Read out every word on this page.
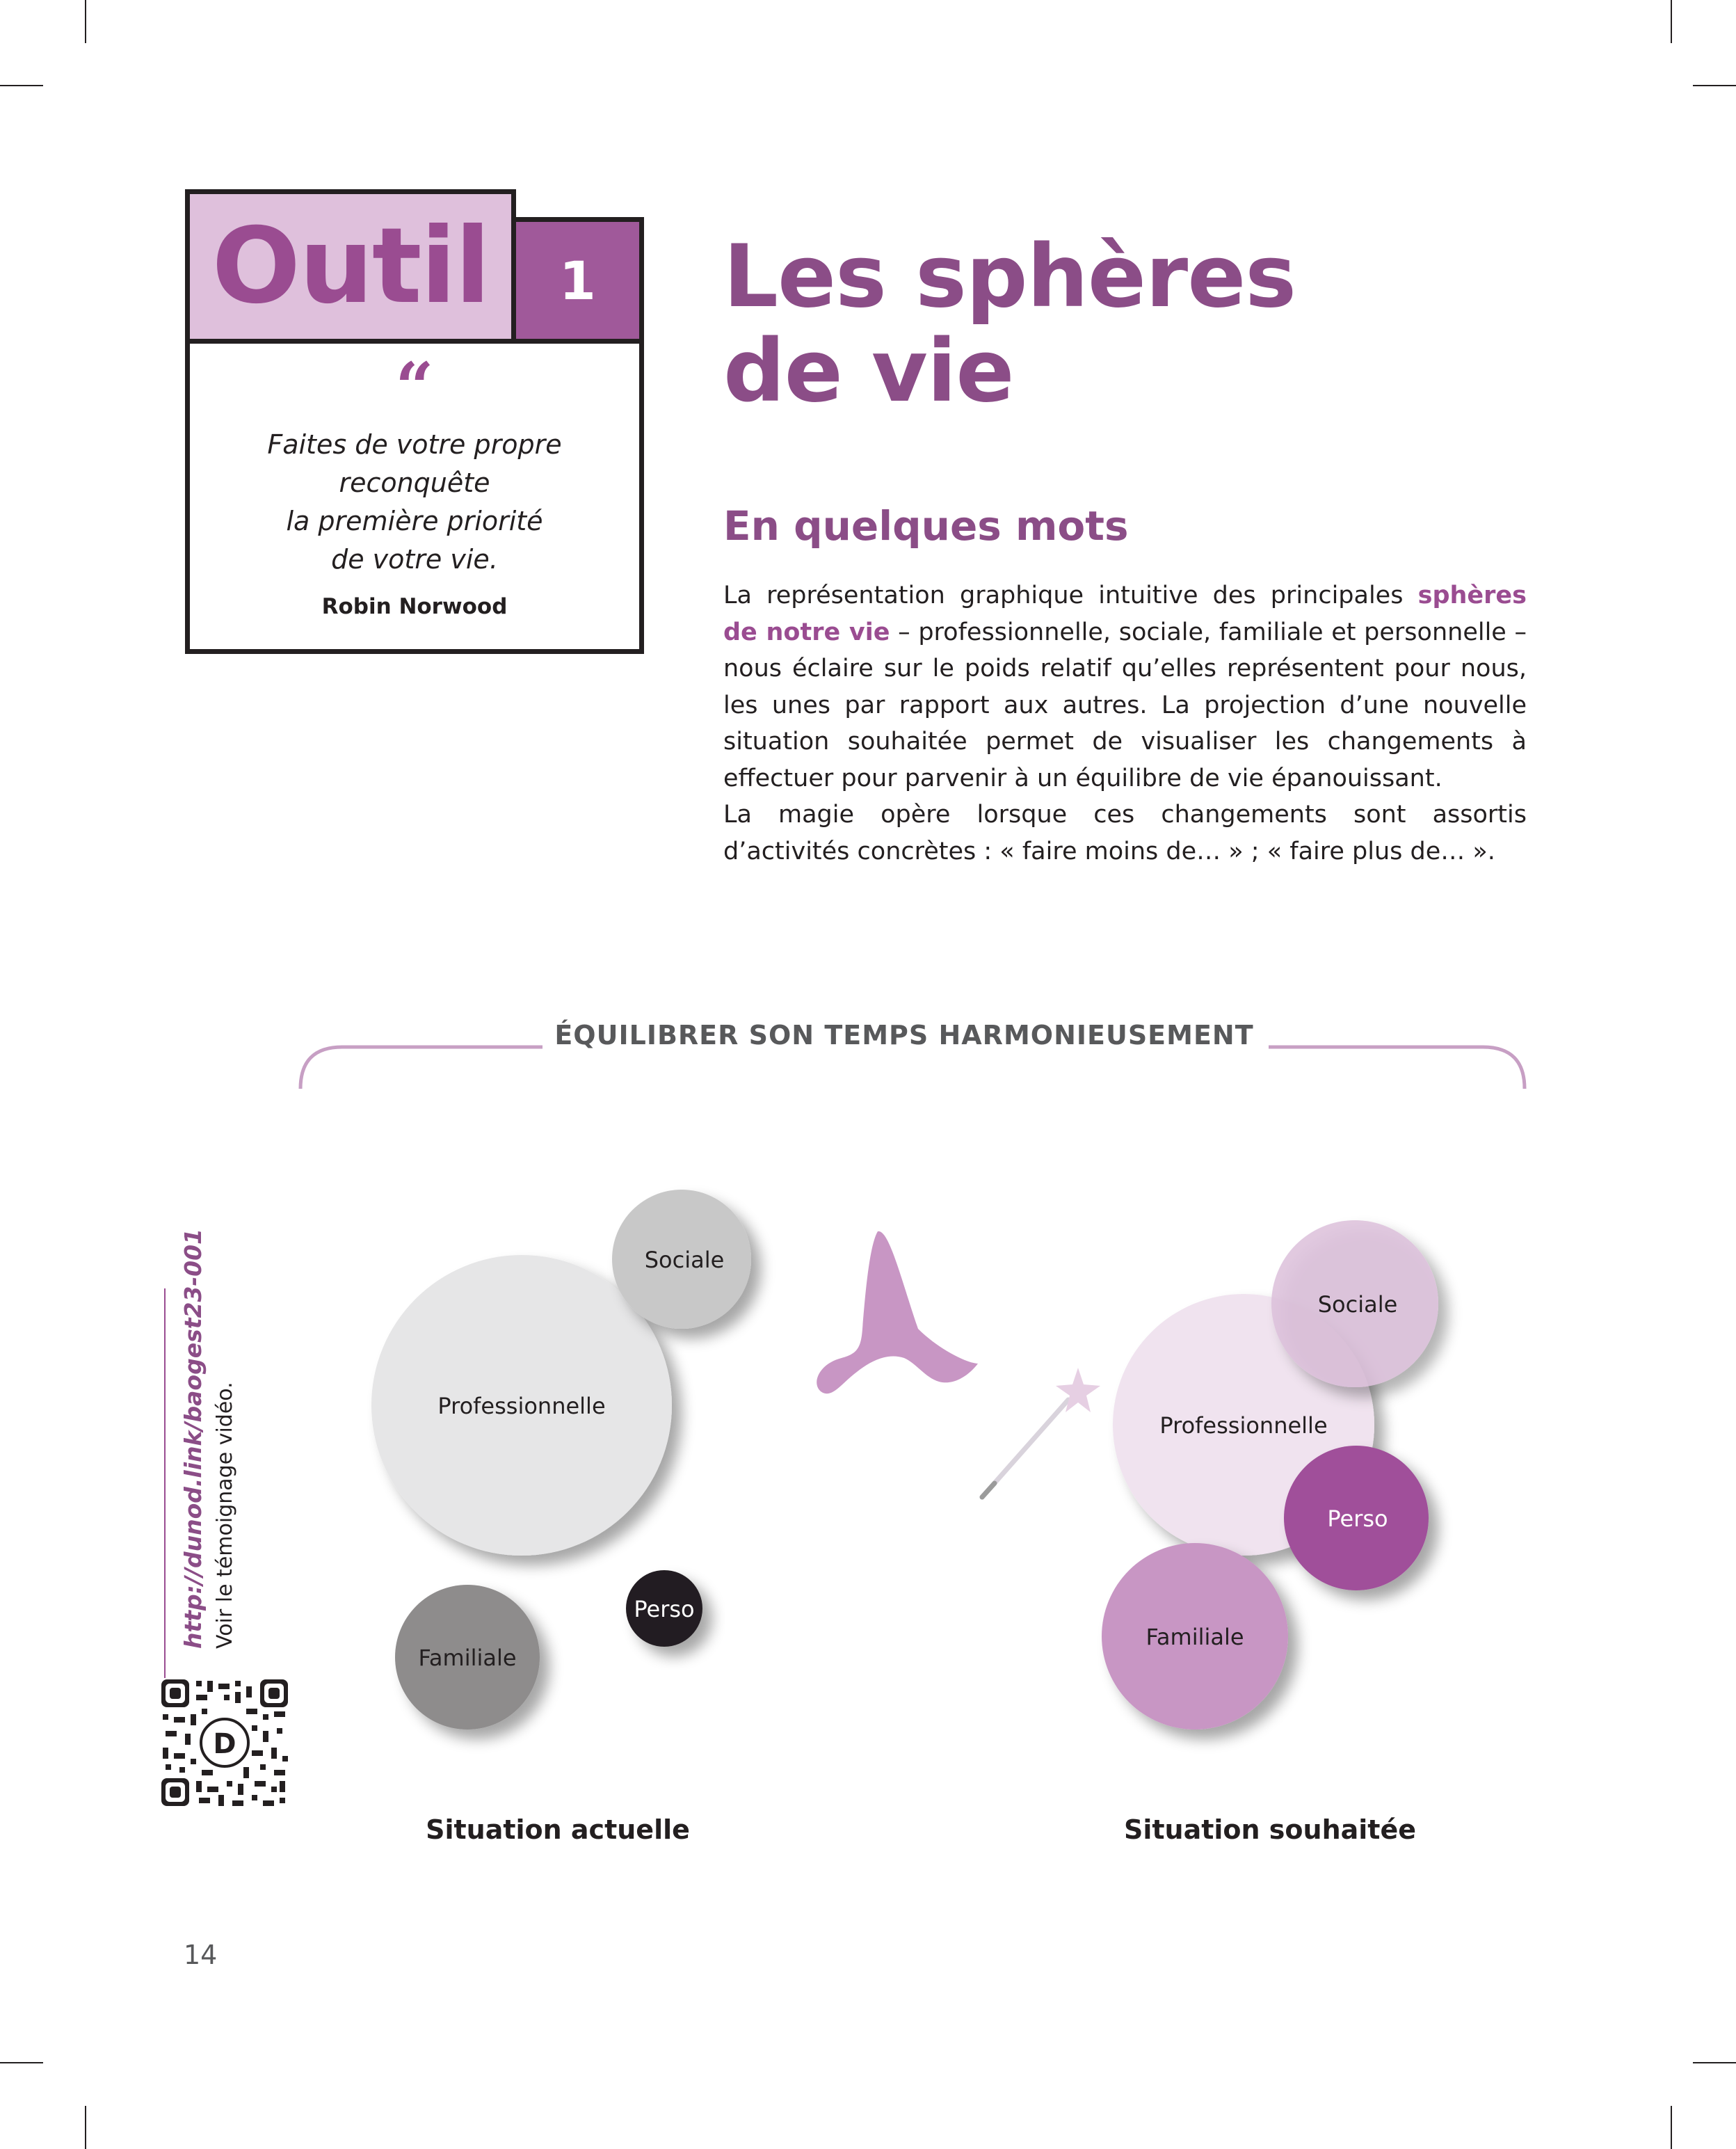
Outil	1
“
Faites de votre propre
reconquête
la première priorité
de votre vie.
Robin Norwood
Les sphères
de vie
En quelques mots
La représentation graphique intuitive des principales sphères de notre vie – professionnelle, sociale, familiale et personnelle – nous éclaire sur le poids relatif qu’elles représentent pour nous, les unes par rapport aux autres. La projection d’une nouvelle situation souhaitée permet de visualiser les changements à effectuer pour parvenir à un équilibre de vie épanouissant.
La magie opère lorsque ces changements sont assortis d’activités concrètes : « faire moins de… » ; « faire plus de… ».
ÉQUILIBRER SON TEMPS HARMONIEUSEMENT
Professionnelle
Sociale
Perso
Familiale
Professionnelle
Sociale
Perso
Familiale
Situation actuelle	Situation souhaitée
http://dunod.link/baogest23-001 Voir le témoignage vidéo.
D
14
